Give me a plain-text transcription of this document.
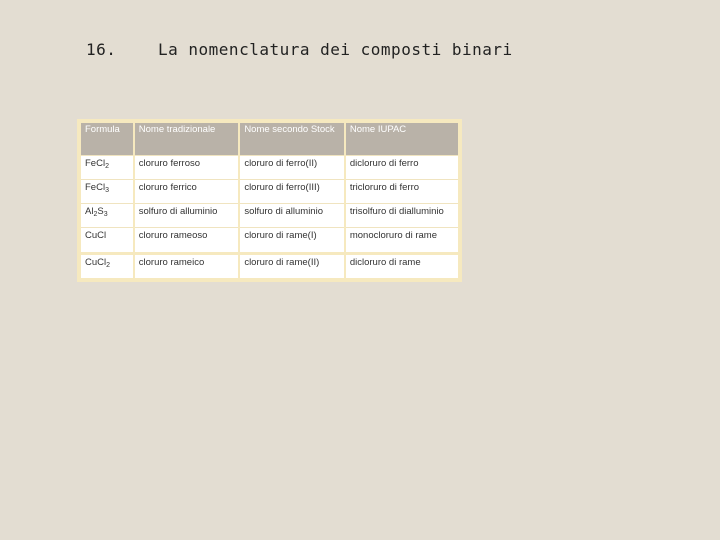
16.	La nomenclatura dei composti binari
Formula	Nome tradizionale	Nome secondo Stock	Nome IUPAC
FeCl$_2$	cloruro ferroso	cloruro di ferro(II)	dicloruro di ferro
FeCl$_3$	cloruro ferrico	cloruro di ferro(III)	tricloruro di ferro
$Al_2S_3$	solfuro di alluminio	solfuro di alluminio	trisolfuro di dialluminio
CuCl	cloruro rameoso	cloruro di rame(I)	monocloruro di rame
CuCl$_2$	cloruro rameico	cloruro di rame(II)	dicloruro di rame
